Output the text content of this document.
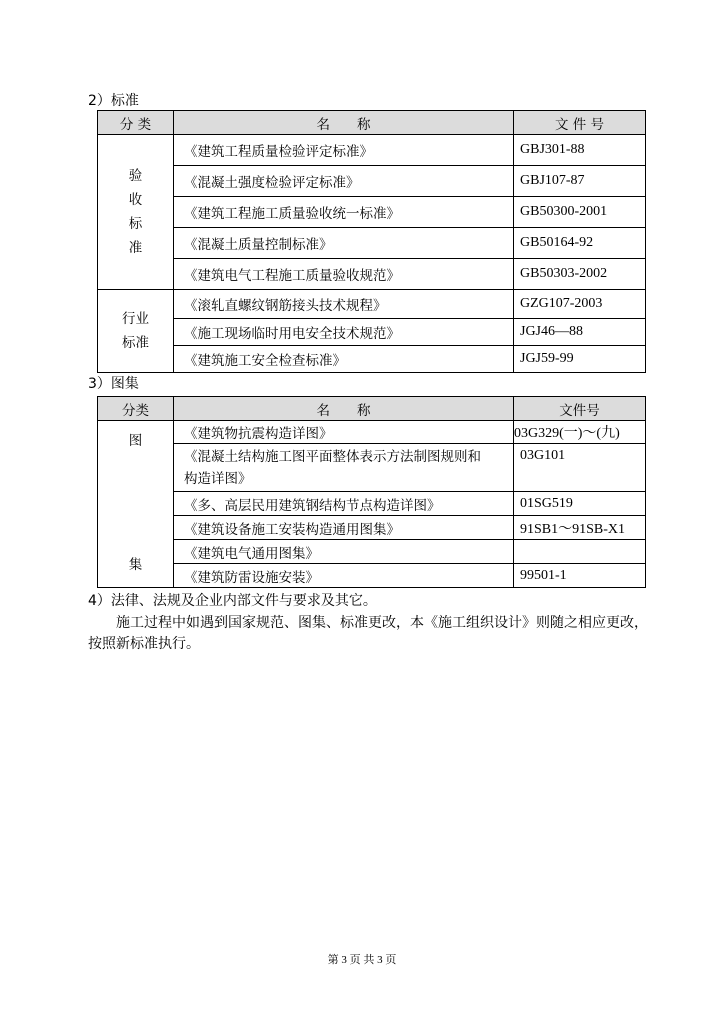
2）标准
分 类	名　　称	文 件 号

验
收
标
准	《建筑工程质量检验评定标准》	GBJ301-88
	《混凝土强度检验评定标准》	GBJ107-87
	《建筑工程施工质量验收统一标准》	GB50300-2001
	《混凝土质量控制标准》	GB50164-92
	《建筑电气工程施工质量验收规范》	GB50303-2002

行业
标准	《滚轧直螺纹钢筋接头技术规程》	GZG107-2003
	《施工现场临时用电安全技术规范》	JGJ46—88
	《建筑施工安全检查标准》	JGJ59-99
3）图集
分类	名　　称	文件号
图	《建筑物抗震构造详图》	03G329(一)～(九)

	《混凝土结构施工图平面整体表示方法制图规则和
构造详图》	03G101
	《多、高层民用建筑钢结构节点构造详图》	01SG519
集	《建筑设备施工安装构造通用图集》	91SB1～91SB-X1
	《建筑电气通用图集》	
	《建筑防雷设施安装》	99501-1
4）法律、法规及企业内部文件与要求及其它。
施工过程中如遇到国家规范、图集、标准更改，本《施工组织设计》则随之相应更改，
按照新标准执行。
第 3 页 共 3 页
